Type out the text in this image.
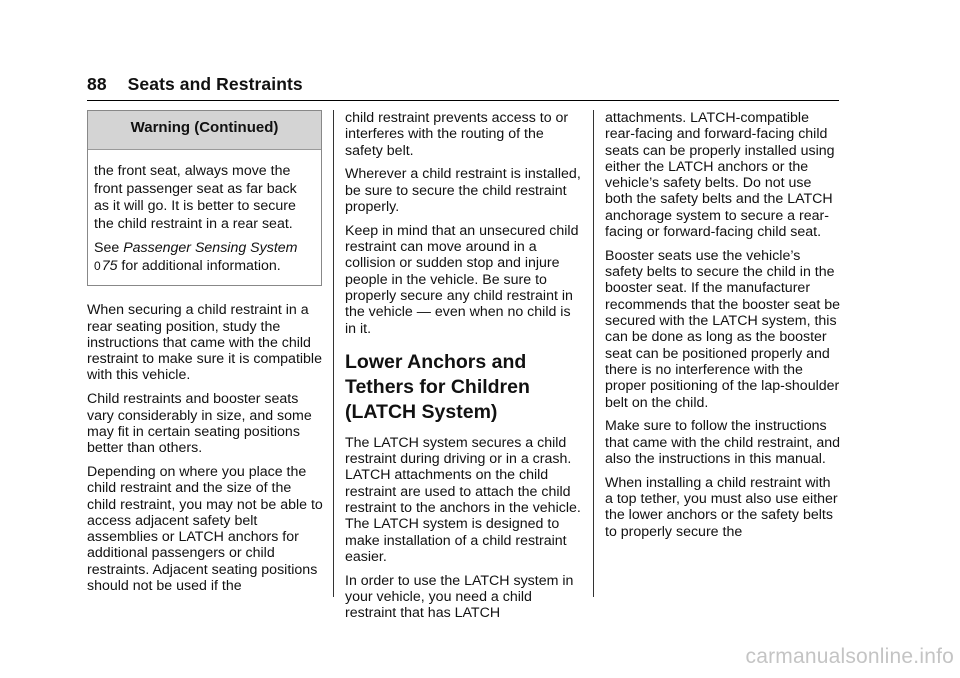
88 Seats and Restraints
Warning (Continued)

the front seat, always move the front passenger seat as far back as it will go. It is better to secure the child restraint in a rear seat.

See Passenger Sensing System
075 for additional information.

When securing a child restraint in a rear seating position, study the instructions that came with the child restraint to make sure it is compatible with this vehicle.

Child restraints and booster seats vary considerably in size, and some may fit in certain seating positions better than others.

Depending on where you place the child restraint and the size of the child restraint, you may not be able to access adjacent safety belt assemblies or LATCH anchors for additional passengers or child restraints. Adjacent seating positions should not be used if the

child restraint prevents access to or interferes with the routing of the safety belt.

Wherever a child restraint is installed, be sure to secure the child restraint properly.

Keep in mind that an unsecured child restraint can move around in a collision or sudden stop and injure people in the vehicle. Be sure to properly secure any child restraint in the vehicle — even when no child is in it.

Lower Anchors and Tethers for Children (LATCH System)

The LATCH system secures a child restraint during driving or in a crash. LATCH attachments on the child restraint are used to attach the child restraint to the anchors in the vehicle. The LATCH system is designed to make installation of a child restraint easier.

In order to use the LATCH system in your vehicle, you need a child restraint that has LATCH

attachments. LATCH-compatible rear-facing and forward-facing child seats can be properly installed using either the LATCH anchors or the vehicle’s safety belts. Do not use both the safety belts and the LATCH anchorage system to secure a rear-facing or forward-facing child seat.

Booster seats use the vehicle’s safety belts to secure the child in the booster seat. If the manufacturer recommends that the booster seat be secured with the LATCH system, this can be done as long as the booster seat can be positioned properly and there is no interference with the proper positioning of the lap-shoulder belt on the child.

Make sure to follow the instructions that came with the child restraint, and also the instructions in this manual.

When installing a child restraint with a top tether, you must also use either the lower anchors or the safety belts to properly secure the

carmanualsonline.info
